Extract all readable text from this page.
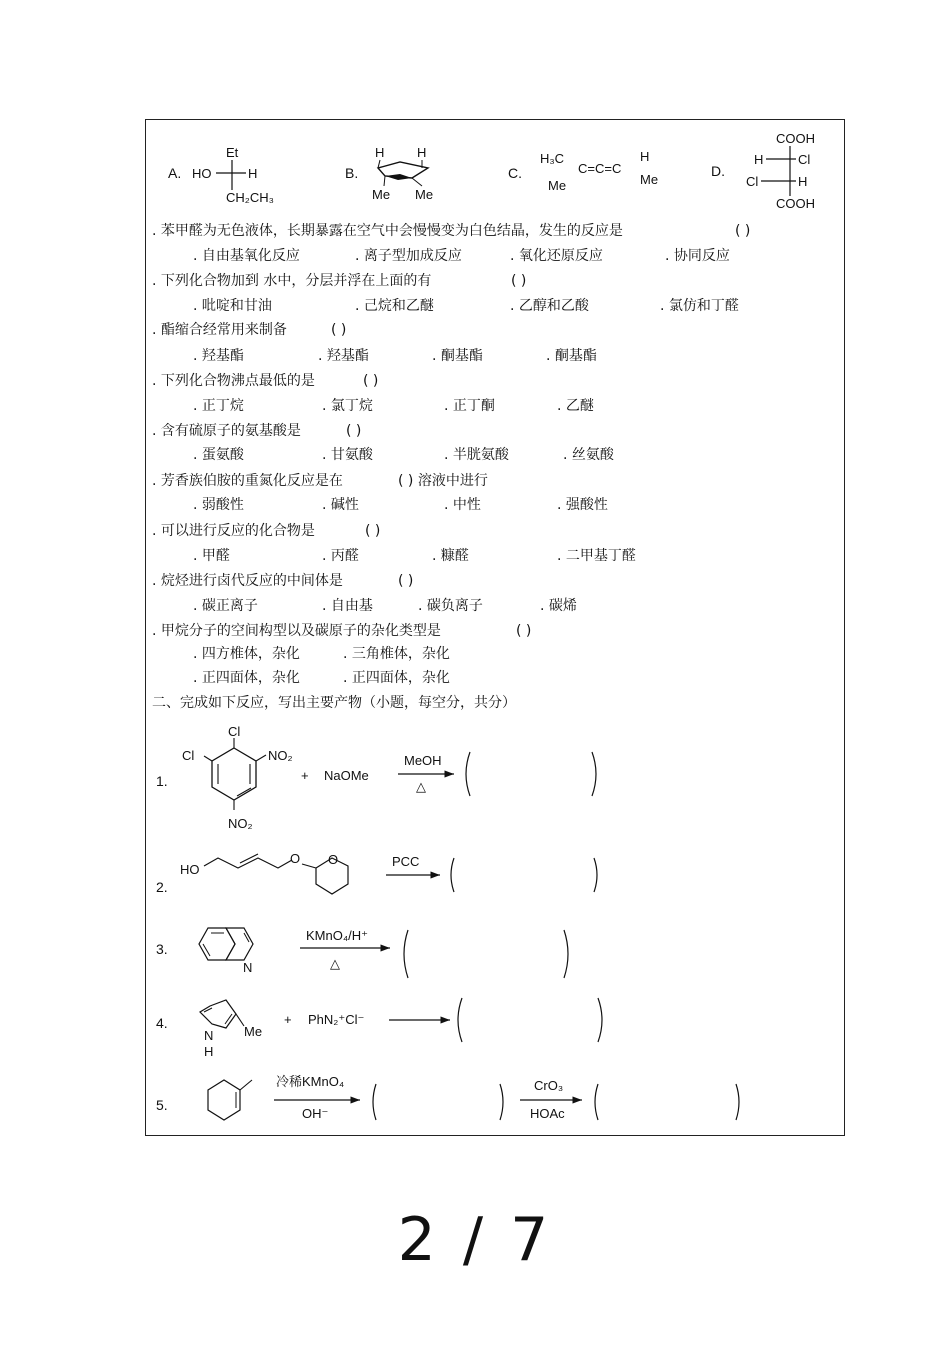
A.
Et
HO	H
CH₂CH₃
B.
H	H
Me Me
C.
H₃C
C=C=C
H
Me	Me
D.
COOH
H	Cl
Cl	H
COOH
. 苯甲醛为无色液体，长期暴露在空气中会慢慢变为白色结晶，发生的反应是	( )
. 自由基氧化反应	. 离子型加成反应	. 氧化还原反应	. 协同反应
. 下列化合物加到 水中，分层并浮在上面的有	( )
. 吡啶和甘油	. 己烷和乙醚	. 乙醇和乙酸	. 氯仿和丁醛
. 酯缩合经常用来制备	( )
. 羟基酯	. 羟基酯	. 酮基酯	. 酮基酯
. 下列化合物沸点最低的是	( )
. 正丁烷	. 氯丁烷	. 正丁酮	. 乙醚
. 含有硫原子的氨基酸是	( )
. 蛋氨酸	. 甘氨酸	. 半胱氨酸	. 丝氨酸
. 芳香族伯胺的重氮化反应是在	( ) 溶液中进行
. 弱酸性	. 碱性	. 中性	. 强酸性
. 可以进行反应的化合物是	( )
. 甲醛	. 丙醛	. 糠醛	. 二甲基丁醛
. 烷烃进行卤代反应的中间体是	( )
. 碳正离子	. 自由基	. 碳负离子	. 碳烯
. 甲烷分子的空间构型以及碳原子的杂化类型是	( )
. 四方椎体，杂化	. 三角椎体，杂化
. 正四面体，杂化	. 正四面体，杂化
二、完成如下反应，写出主要产物（小题，每空分，共分）
1.
Cl
Cl	NO₂
NO₂
+ NaOMe
MeOH
△
2.
HO
O O	PCC
3.
N
KMnO₄/H⁺
△
4.
N
H
Me
+ PhN₂⁺Cl⁻
5.
冷稀KMnO₄
OH⁻
CrO₃
HOAc
2 / 7
